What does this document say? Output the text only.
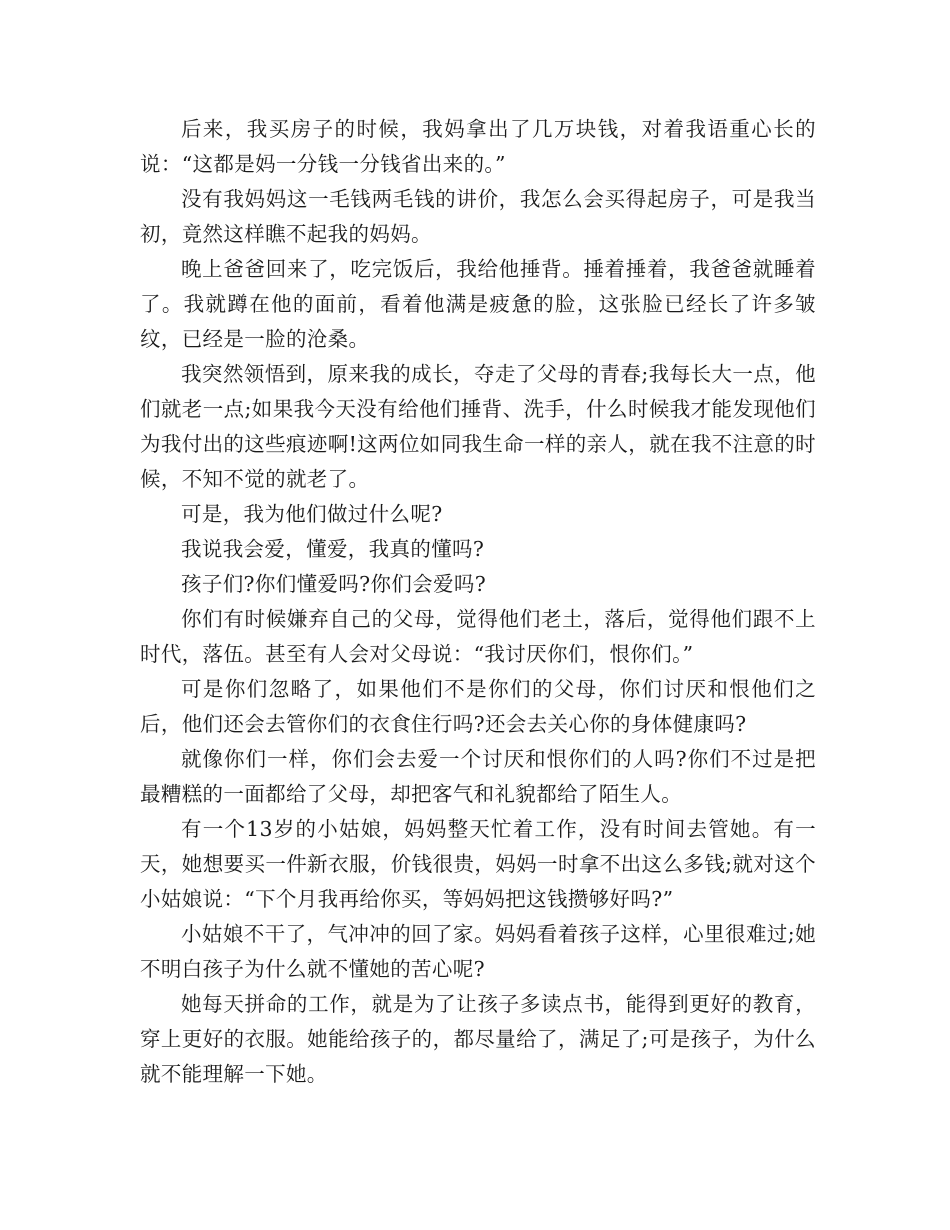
后来，我买房子的时候，我妈拿出了几万块钱，对着我语重心长的说：“这都是妈一分钱一分钱省出来的。”

没有我妈妈这一毛钱两毛钱的讲价，我怎么会买得起房子，可是我当初，竟然这样瞧不起我的妈妈。

晚上爸爸回来了，吃完饭后，我给他捶背。捶着捶着，我爸爸就睡着了。我就蹲在他的面前，看着他满是疲惫的脸，这张脸已经长了许多皱纹，已经是一脸的沧桑。

我突然领悟到，原来我的成长，夺走了父母的青春;我每长大一点，他们就老一点;如果我今天没有给他们捶背、洗手，什么时候我才能发现他们为我付出的这些痕迹啊!这两位如同我生命一样的亲人，就在我不注意的时候，不知不觉的就老了。

可是，我为他们做过什么呢?

我说我会爱，懂爱，我真的懂吗?

孩子们?你们懂爱吗?你们会爱吗?

你们有时候嫌弃自己的父母，觉得他们老土，落后，觉得他们跟不上时代，落伍。甚至有人会对父母说：“我讨厌你们，恨你们。”

可是你们忽略了，如果他们不是你们的父母，你们讨厌和恨他们之后，他们还会去管你们的衣食住行吗?还会去关心你的身体健康吗?

就像你们一样，你们会去爱一个讨厌和恨你们的人吗?你们不过是把最糟糕的一面都给了父母，却把客气和礼貌都给了陌生人。

有一个13岁的小姑娘，妈妈整天忙着工作，没有时间去管她。有一天，她想要买一件新衣服，价钱很贵，妈妈一时拿不出这么多钱;就对这个小姑娘说：“下个月我再给你买，等妈妈把这钱攒够好吗?”

小姑娘不干了，气冲冲的回了家。妈妈看着孩子这样，心里很难过;她不明白孩子为什么就不懂她的苦心呢?

她每天拼命的工作，就是为了让孩子多读点书，能得到更好的教育，穿上更好的衣服。她能给孩子的，都尽量给了，满足了;可是孩子，为什么就不能理解一下她。
